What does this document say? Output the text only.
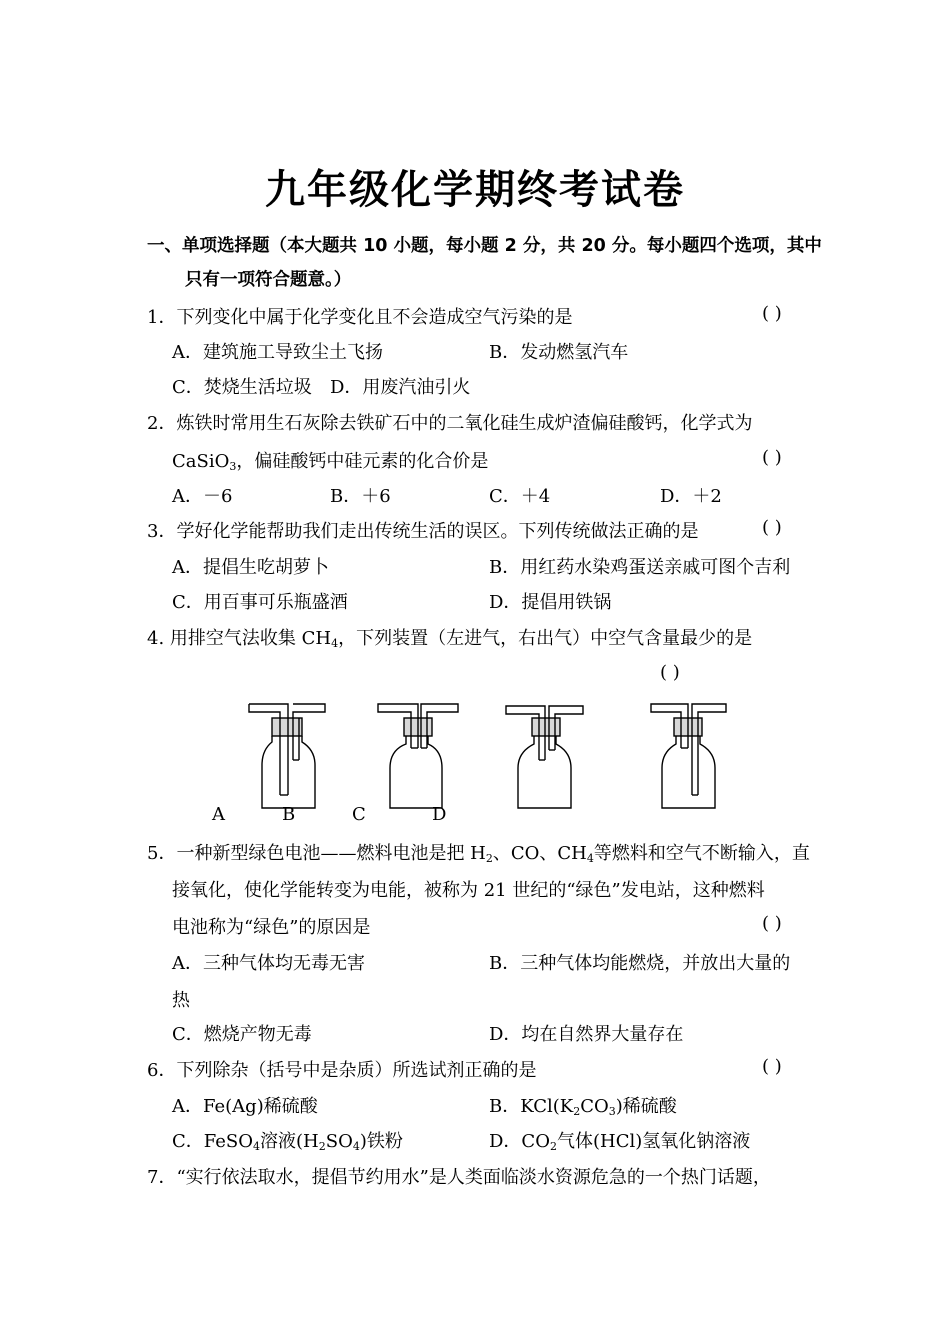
九年级化学期终考试卷
一、单项选择题（本大题共 10 小题，每小题 2 分，共 20 分。每小题四个选项，其中
只有一项符合题意。）
1．下列变化中属于化学变化且不会造成空气污染的是	( )
A．建筑施工导致尘土飞扬	B．发动燃氢汽车
C．焚烧生活垃圾 D．用废汽油引火
2．炼铁时常用生石灰除去铁矿石中的二氧化硅生成炉渣偏硅酸钙，化学式为
CaSiO$_3$，偏硅酸钙中硅元素的化合价是	( )
A．－6	B．＋6	C．＋4	D．＋2
3．学好化学能帮助我们走出传统生活的误区。下列传统做法正确的是	( )
A．提倡生吃胡萝卜	B．用红药水染鸡蛋送亲戚可图个吉利
C．用百事可乐瓶盛酒	D．提倡用铁锅
4. 用排空气法收集 $CH_4$，下列装置（左进气，右出气）中空气含量最少的是
( )
A	B	C	D
5．一种新型绿色电池——燃料电池是把 $H_2$、CO、$CH_4$等燃料和空气不断输入，直
接氧化，使化学能转变为电能，被称为 21 世纪的“绿色”发电站，这种燃料
电池称为“绿色”的原因是	( )
A．三种气体均无毒无害	B．三种气体均能燃烧，并放出大量的
热
C．燃烧产物无毒	D．均在自然界大量存在
6．下列除杂（括号中是杂质）所选试剂正确的是	( )
A．Fe(Ag)稀硫酸	B．$KCl(K_2CO_3)$稀硫酸
C．FeSO$_4$溶液$(H_2SO_4)$铁粉	D．$CO_2$气体(HCl)氢氧化钠溶液
7．“实行依法取水，提倡节约用水”是人类面临淡水资源危急的一个热门话题，
